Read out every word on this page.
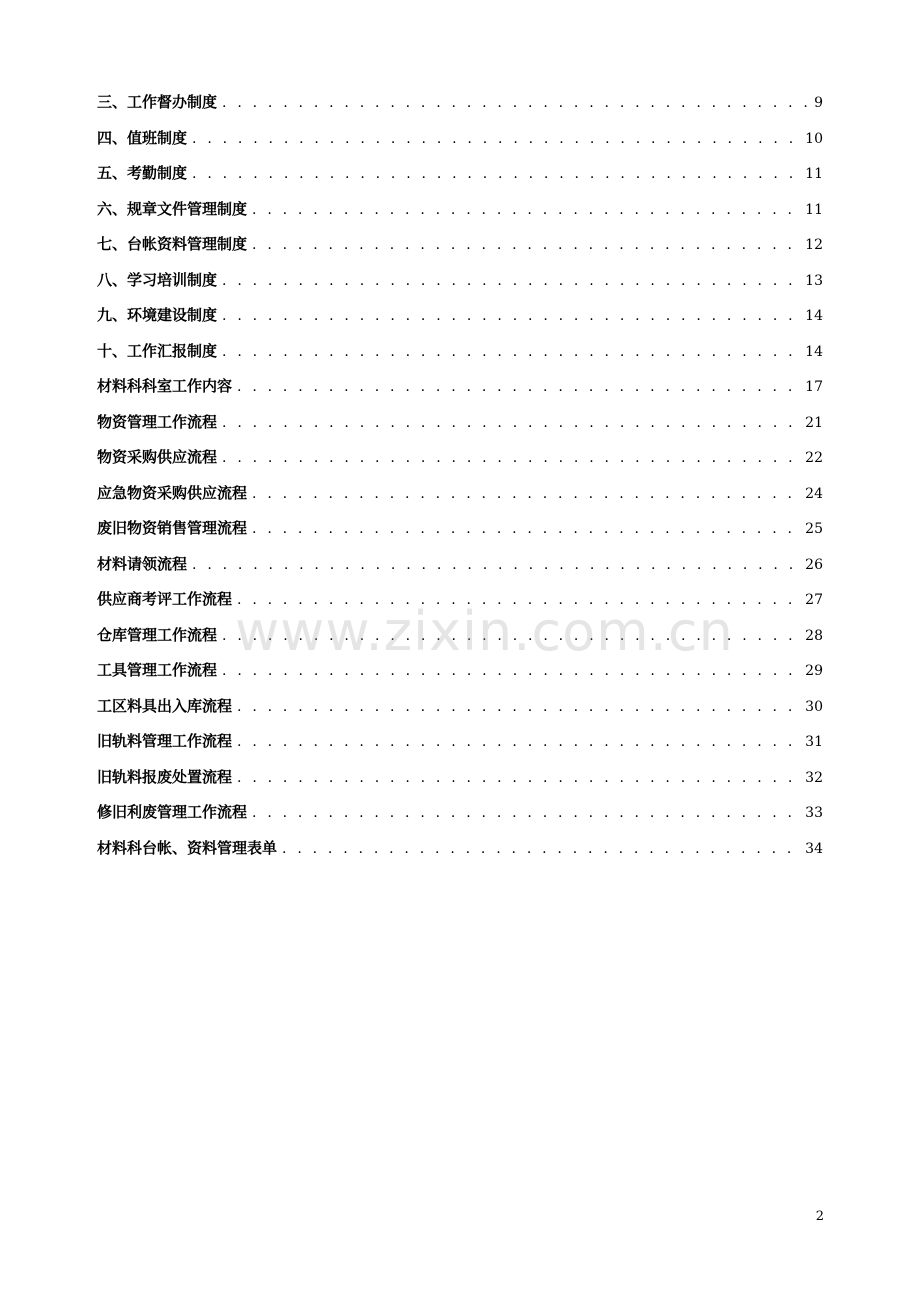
三、工作督办制度 . . .	9
四、值班制度 . . .	10
五、考勤制度 . . .	11
六、规章文件管理制度 . . .	11
七、台帐资料管理制度 . . .	12
八、学习培训制度 . . .	13
九、环境建设制度 . . .	14
十、工作汇报制度 . . .	14
材料科科室工作内容 . . .	17
物资管理工作流程 . . .	21
物资采购供应流程 . . .	22
应急物资采购供应流程 . . .	24
废旧物资销售管理流程 . . .	25
材料请领流程 . . .	26
供应商考评工作流程 . . .	27
仓库管理工作流程 . . .	28
工具管理工作流程 . . .	29
工区料具出入库流程 . . .	30
旧轨料管理工作流程 . . .	31
旧轨料报废处置流程 . . .	32
修旧利废管理工作流程 . . .	33
材料科台帐、资料管理表单 . . .	34
www.zixin.com.cn
2
